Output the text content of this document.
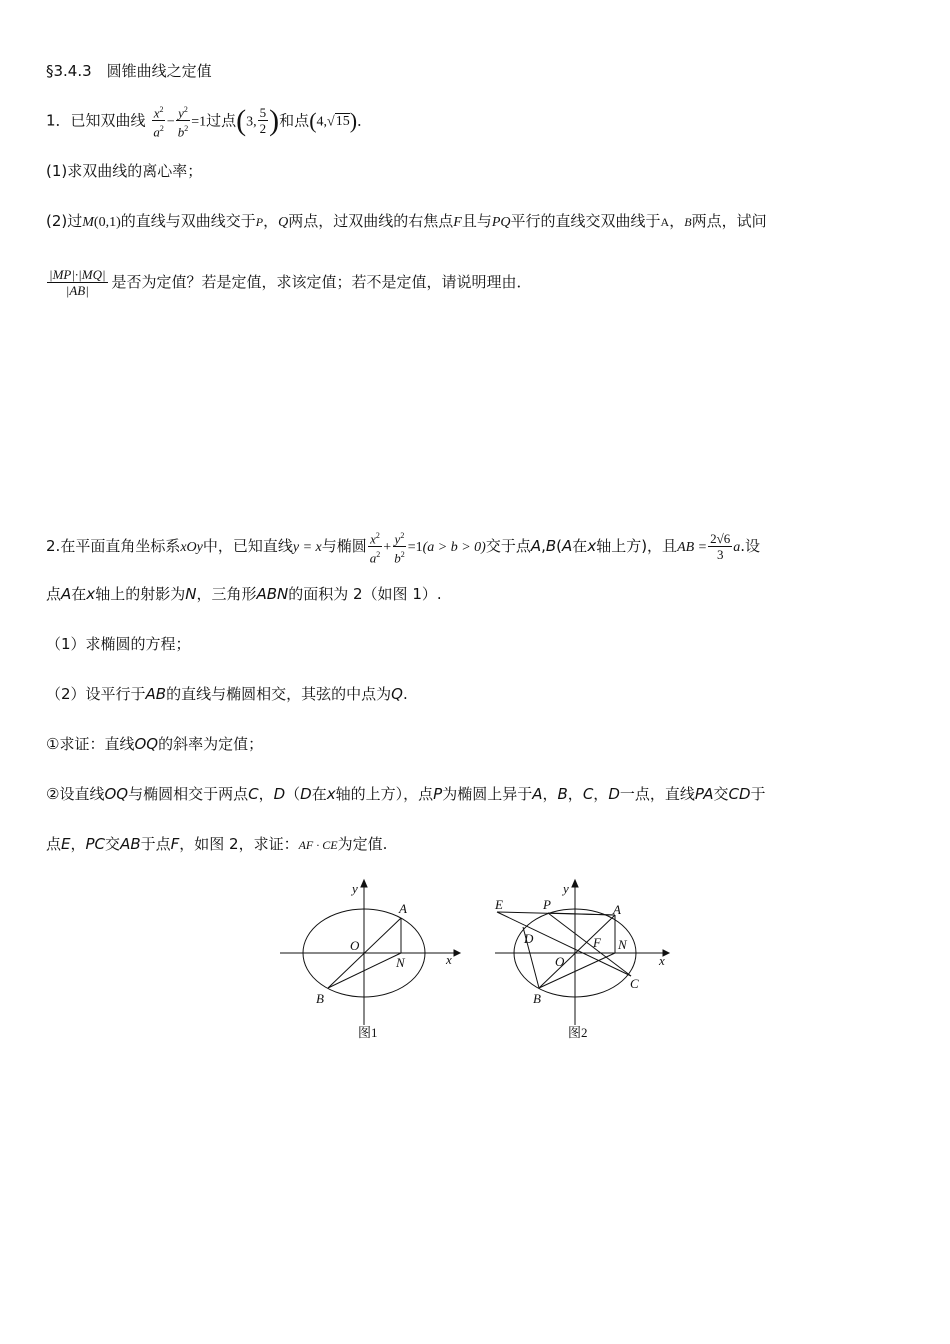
§3.4.3　圆锥曲线之定值
1．已知双曲线 $\frac{x^2}{a^2} - \frac{y^2}{b^2} =1$过点(3, $\frac{5}{2}$ )和点(4,√15)．
(1)求双曲线的离心率；
(2)过M(0,1)的直线与双曲线交于P，Q两点，过双曲线的右焦点F且与PQ平行的直线交双曲线于A，B两点，试问
$\frac{|MP|\cdot|MQ|}{|AB|}$ 是否为定值？若是定值，求该定值；若不是定值，请说明理由．
2.在平面直角坐标系xOy中，已知直线y = x与椭圆 $\frac{x^2}{a^2} + \frac{y^2}{b^2} =1(a > b > 0)$交于点A,B(A在x轴上方)，且AB = $\frac{2√6}{3} a$.设
点A在x轴上的射影为N，三角形ABN的面积为 2（如图 1）.
（1）求椭圆的方程；
（2）设平行于AB的直线与椭圆相交，其弦的中点为Q.
①求证：直线OQ的斜率为定值；
②设直线OQ与椭圆相交于两点C，D（D在x轴的上方），点P为椭圆上异于A，B，C，D一点，直线PA交CD于
点E，PC交AB于点F，如图 2，求证：AF · CE为定值.
y
x
O
A
B
N
图1
y
x
O
A
B
N
E	P
D	F
C
图2
